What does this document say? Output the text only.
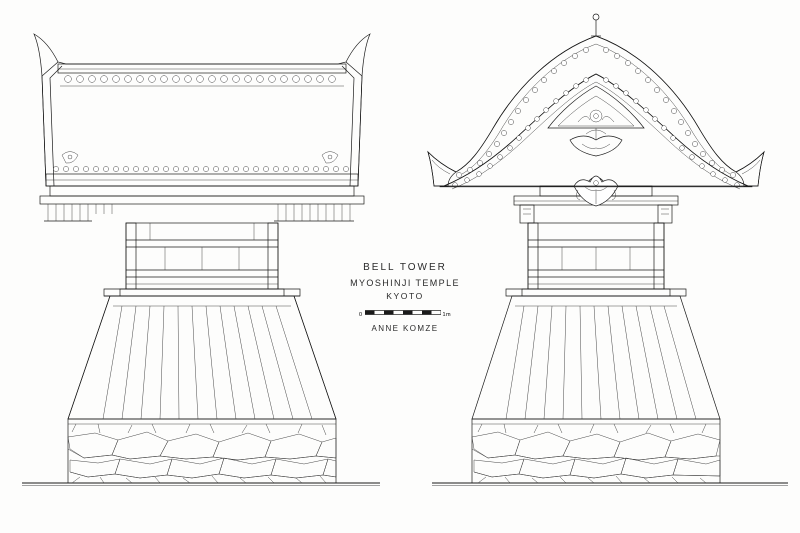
BELL TOWER
MYOSHINJI TEMPLE
KYOTO
0	1m
ANNE KOMZE
